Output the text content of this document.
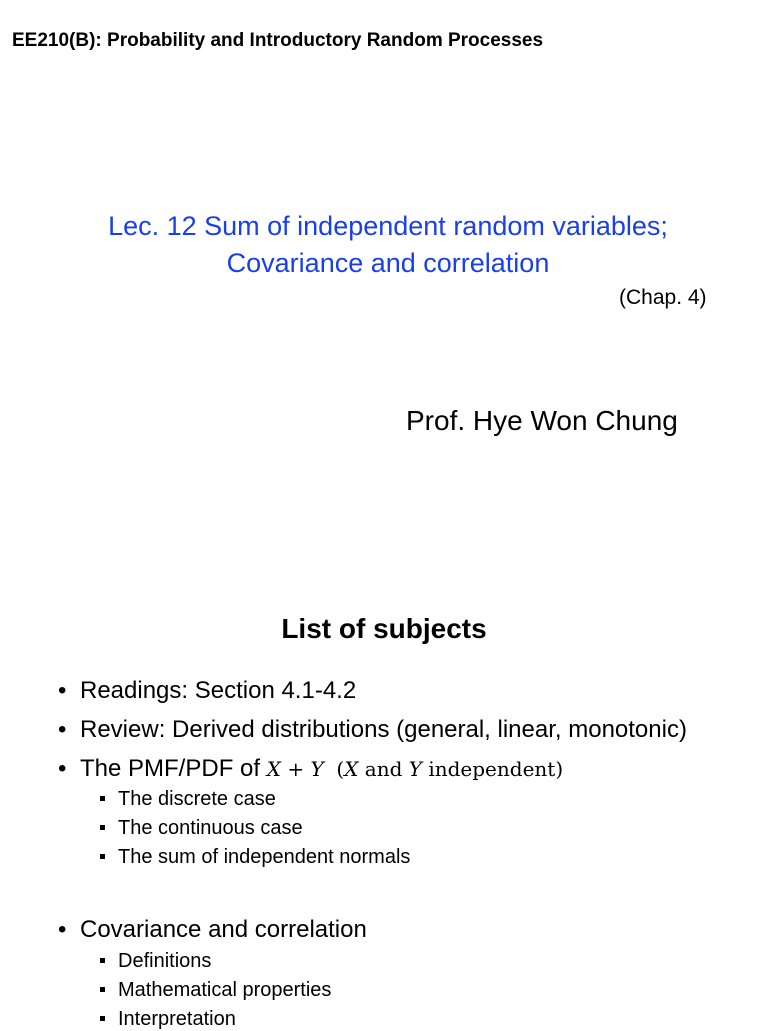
EE210(B): Probability and Introductory Random Processes
Lec. 12 Sum of independent random variables;
Covariance and correlation
(Chap. 4)
Prof. Hye Won Chung
List of subjects
• Readings: Section 4.1-4.2
• Review: Derived distributions (general, linear, monotonic)
• The PMF/PDF of X + Y (X and Y independent)
The discrete case
The continuous case
The sum of independent normals
• Covariance and correlation
Definitions
Mathematical properties
Interpretation
